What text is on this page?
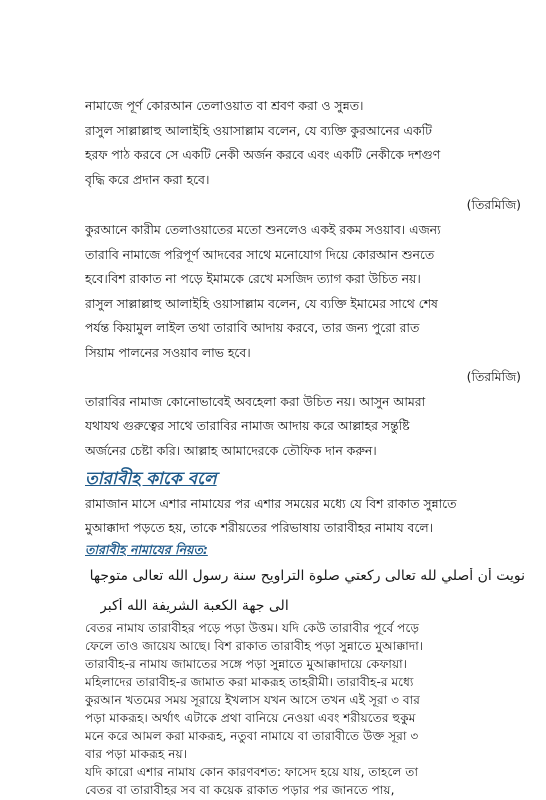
নামাজে পূর্ণ কোরআন তেলাওয়াত বা শ্রবণ করা ও সুন্নত।
রাসুল সাল্লাল্লাহু আলাইহি ওয়াসাল্লাম বলেন, যে ব্যক্তি কুরআনের একটি
হরফ পাঠ করবে সে একটি নেকী অর্জন করবে এবং একটি নেকীকে দশগুণ
বৃদ্ধি করে প্রদান করা হবে।
(তিরমিজি)
কুরআনে কারীম তেলাওয়াতের মতো শুনলেও একই রকম সওয়াব। এজন্য
তারাবি নামাজে পরিপূর্ণ আদবের সাথে মনোযোগ দিয়ে কোরআন শুনতে
হবে।বিশ রাকাত না পড়ে ইমামকে রেখে মসজিদ ত্যাগ করা উচিত নয়।
রাসুল সাল্লাল্লাহু আলাইহি ওয়াসাল্লাম বলেন, যে ব্যক্তি ইমামের সাথে শেষ
পর্যন্ত কিয়ামুল লাইল তথা তারাবি আদায় করবে, তার জন্য পুরো রাত
সিয়াম পালনের সওয়াব লাভ হবে।
(তিরমিজি)
তারাবির নামাজ কোনোভাবেই অবহেলা করা উচিত নয়। আসুন আমরা
যথাযথ গুরুত্বের সাথে তারাবির নামাজ আদায় করে আল্লাহর সন্তুষ্টি
অর্জনের চেষ্টা করি। আল্লাহ আমাদেরকে তৌফিক দান করুন।
তারাবীহ কাকে বলে
রামাজান মাসে এশার নামাযের পর এশার সময়ের মধ্যে যে বিশ রাকাত সুন্নাতে
মুআক্কাদা পড়তে হয়, তাকে শরীয়তের পরিভাষায় তারাবীহর নামায বলে।
তারাবীহ নামাযের নিয়ত:
نويت أن أصلي لله تعالى ركعتي صلوة التراويح سنة رسول الله تعالى متوجها
الى جهة الكعبة الشريفة الله أكبر
বেতর নামায তারাবীহর পড়ে পড়া উত্তম। যদি কেউ তারাবীর পূর্বে পড়ে
ফেলে তাও জায়েয আছে। বিশ রাকাত তারাবীহ পড়া সুন্নাতে মুআক্কাদা।
তারাবীহ-র নামায জামাতের সঙ্গে পড়া সুন্নাতে মুআক্কাদায়ে কেফায়া।
মহিলাদের তারাবীহ-র জামাত করা মাকরূহ তাহরীমী। তারাবীহ-র মধ্যে
কুরআন খতমের সময় সূরায়ে ইখলাস যখন আসে তখন এই সূরা ৩ বার
পড়া মাকরূহ। অর্থাৎ এটাকে প্রথা বানিয়ে নেওয়া এবং শরীয়তের হুকুম
মনে করে আমল করা মাকরূহ, নতুবা নামাযে বা তারাবীতে উক্ত সূরা ৩
বার পড়া মাকরূহ নয়।
যদি কারো এশার নামায কোন কারণবশত: ফাসেদ হয়ে যায়, তাহলে তা
বেতর বা তারাবীহর সব বা কয়েক রাকাত পড়ার পর জানতে পায়,
